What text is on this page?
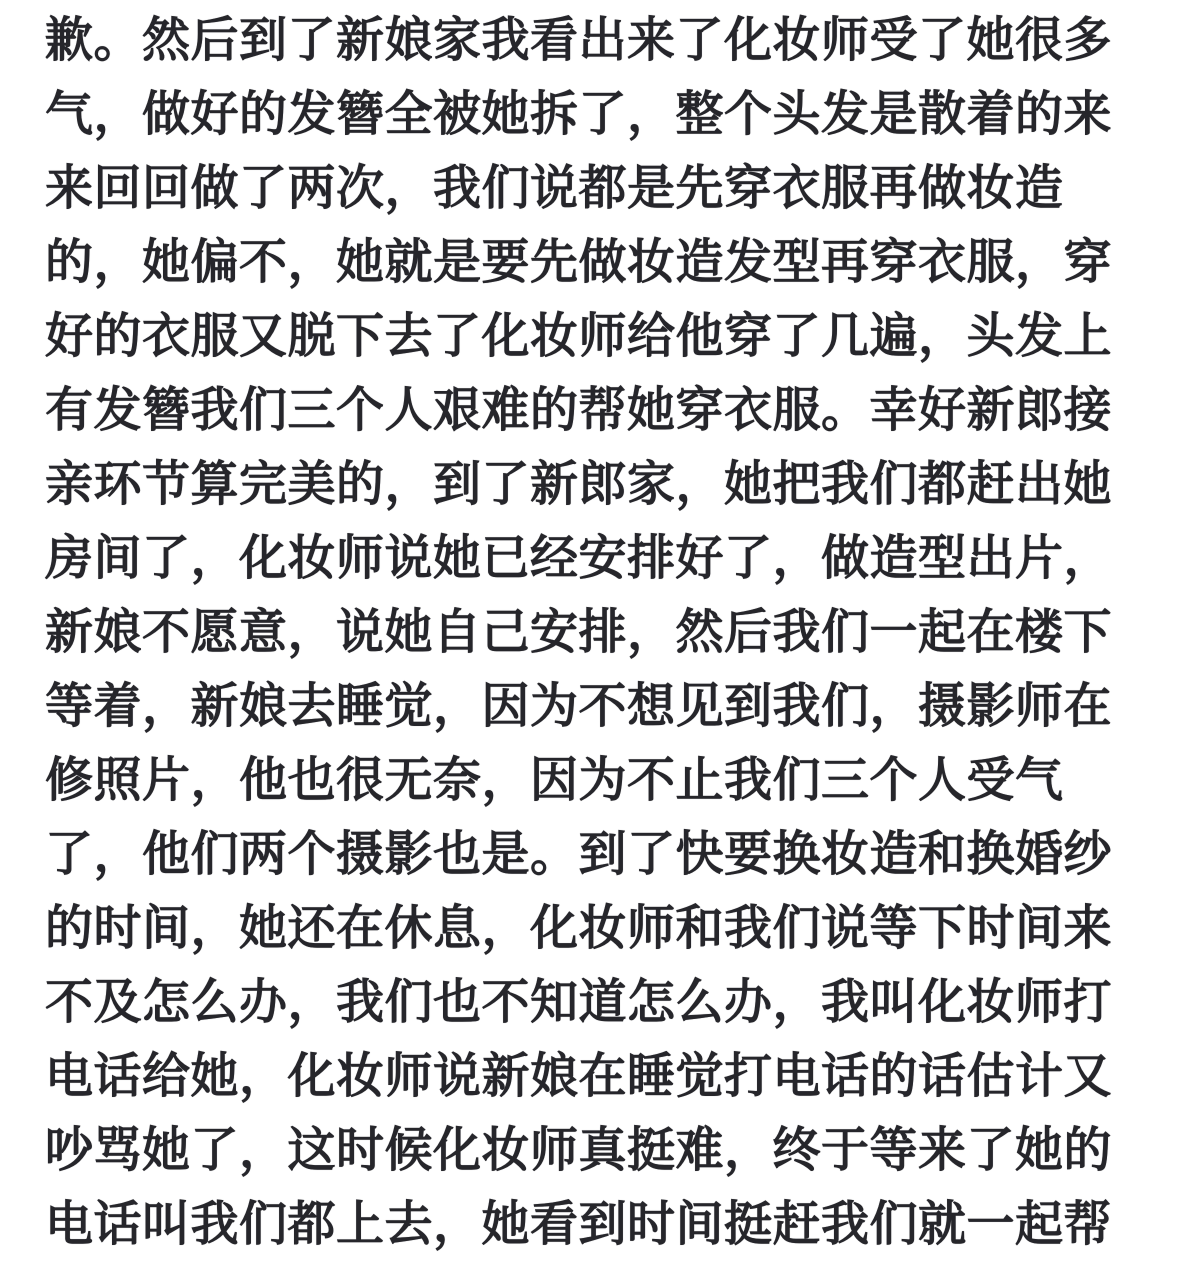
歉。然后到了新娘家我看出来了化妆师受了她很多
气，做好的发簪全被她拆了，整个头发是散着的来
来回回做了两次，我们说都是先穿衣服再做妆造
的，她偏不，她就是要先做妆造发型再穿衣服，穿
好的衣服又脱下去了化妆师给他穿了几遍，头发上
有发簪我们三个人艰难的帮她穿衣服。幸好新郎接
亲环节算完美的，到了新郎家，她把我们都赶出她
房间了，化妆师说她已经安排好了，做造型出片，
新娘不愿意，说她自己安排，然后我们一起在楼下
等着，新娘去睡觉，因为不想见到我们，摄影师在
修照片，他也很无奈，因为不止我们三个人受气
了，他们两个摄影也是。到了快要换妆造和换婚纱
的时间，她还在休息，化妆师和我们说等下时间来
不及怎么办，我们也不知道怎么办，我叫化妆师打
电话给她，化妆师说新娘在睡觉打电话的话估计又
吵骂她了，这时候化妆师真挺难，终于等来了她的
电话叫我们都上去，她看到时间挺赶我们就一起帮
